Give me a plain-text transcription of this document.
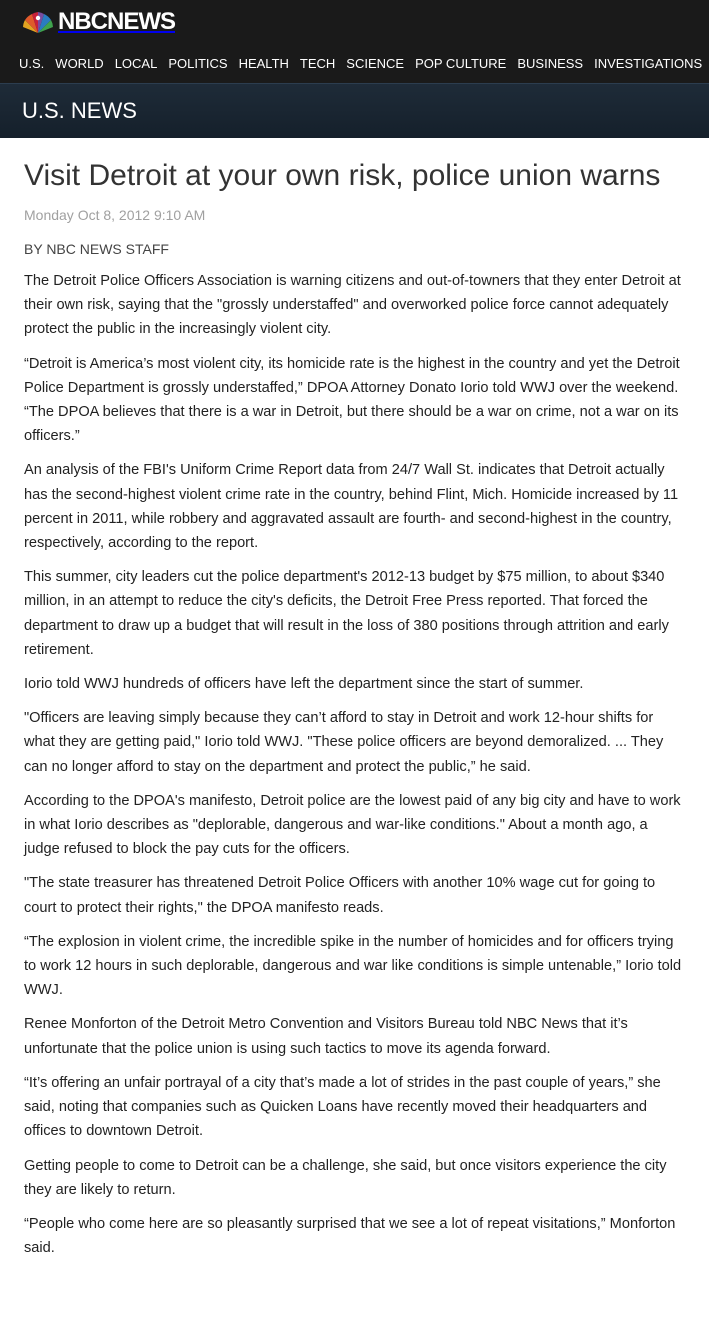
NBCNEWS
U.S. WORLD LOCAL POLITICS HEALTH TECH SCIENCE POP CULTURE BUSINESS INVESTIGATIONS
U.S. NEWS
Visit Detroit at your own risk, police union warns
Monday Oct 8, 2012 9:10 AM
BY NBC NEWS STAFF

The Detroit Police Officers Association is warning citizens and out-of-towners that they enter Detroit at their own risk, saying that the "grossly understaffed" and overworked police force cannot adequately protect the public in the increasingly violent city.

“Detroit is America’s most violent city, its homicide rate is the highest in the country and yet the Detroit Police Department is grossly understaffed,” DPOA Attorney Donato Iorio told WWJ over the weekend. “The DPOA believes that there is a war in Detroit, but there should be a war on crime, not a war on its officers.”

An analysis of the FBI's Uniform Crime Report data from 24/7 Wall St. indicates that Detroit actually has the second-highest violent crime rate in the country, behind Flint, Mich. Homicide increased by 11 percent in 2011, while robbery and aggravated assault are fourth- and second-highest in the country, respectively, according to the report.

This summer, city leaders cut the police department's 2012-13 budget by $75 million, to about $340 million, in an attempt to reduce the city's deficits, the Detroit Free Press reported. That forced the department to draw up a budget that will result in the loss of 380 positions through attrition and early retirement.

Iorio told WWJ hundreds of officers have left the department since the start of summer.

"Officers are leaving simply because they can’t afford to stay in Detroit and work 12-hour shifts for what they are getting paid," Iorio told WWJ. "These police officers are beyond demoralized. ... They can no longer afford to stay on the department and protect the public,” he said.

According to the DPOA's manifesto, Detroit police are the lowest paid of any big city and have to work in what Iorio describes as "deplorable, dangerous and war-like conditions." About a month ago, a judge refused to block the pay cuts for the officers.

"The state treasurer has threatened Detroit Police Officers with another 10% wage cut for going to court to protect their rights," the DPOA manifesto reads.

“The explosion in violent crime, the incredible spike in the number of homicides and for officers trying to work 12 hours in such deplorable, dangerous and war like conditions is simple untenable,” Iorio told WWJ.

Renee Monforton of the Detroit Metro Convention and Visitors Bureau told NBC News that it’s unfortunate that the police union is using such tactics to move its agenda forward.

“It’s offering an unfair portrayal of a city that’s made a lot of strides in the past couple of years,” she said, noting that companies such as Quicken Loans have recently moved their headquarters and offices to downtown Detroit.

Getting people to come to Detroit can be a challenge, she said, but once visitors experience the city they are likely to return.

“People who come here are so pleasantly surprised that we see a lot of repeat visitations,” Monforton said.
